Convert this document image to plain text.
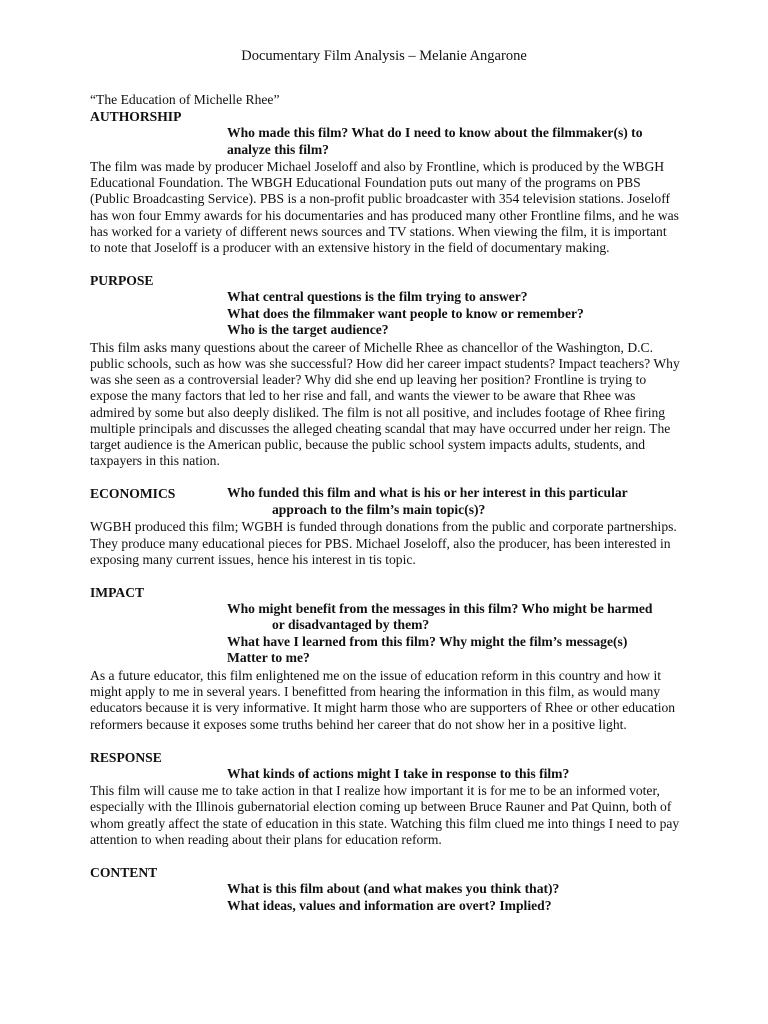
Documentary Film Analysis – Melanie Angarone
“The Education of Michelle Rhee”
AUTHORSHIP
Who made this film? What do I need to know about the filmmaker(s) to
analyze this film?
The film was made by producer Michael Joseloff and also by Frontline, which is produced by the WBGH Educational Foundation. The WBGH Educational Foundation puts out many of the programs on PBS (Public Broadcasting Service). PBS is a non-profit public broadcaster with 354 television stations. Joseloff has won four Emmy awards for his documentaries and has produced many other Frontline films, and he was has worked for a variety of different news sources and TV stations. When viewing the film, it is important to note that Joseloff is a producer with an extensive history in the field of documentary making.
PURPOSE
What central questions is the film trying to answer?
What does the filmmaker want people to know or remember?
Who is the target audience?
This film asks many questions about the career of Michelle Rhee as chancellor of the Washington, D.C. public schools, such as how was she successful? How did her career impact students? Impact teachers? Why was she seen as a controversial leader? Why did she end up leaving her position? Frontline is trying to expose the many factors that led to her rise and fall, and wants the viewer to be aware that Rhee was admired by some but also deeply disliked. The film is not all positive, and includes footage of Rhee firing multiple principals and discusses the alleged cheating scandal that may have occurred under her reign. The target audience is the American public, because the public school system impacts adults, students, and taxpayers in this nation.
ECONOMICS	Who funded this film and what is his or her interest in this particular
approach to the film’s main topic(s)?
WGBH produced this film; WGBH is funded through donations from the public and corporate partnerships. They produce many educational pieces for PBS. Michael Joseloff, also the producer, has been interested in exposing many current issues, hence his interest in tis topic.
IMPACT
Who might benefit from the messages in this film? Who might be harmed
or disadvantaged by them?
What have I learned from this film? Why might the film’s message(s)
Matter to me?
As a future educator, this film enlightened me on the issue of education reform in this country and how it might apply to me in several years. I benefitted from hearing the information in this film, as would many educators because it is very informative. It might harm those who are supporters of Rhee or other education reformers because it exposes some truths behind her career that do not show her in a positive light.
RESPONSE
What kinds of actions might I take in response to this film?
This film will cause me to take action in that I realize how important it is for me to be an informed voter, especially with the Illinois gubernatorial election coming up between Bruce Rauner and Pat Quinn, both of whom greatly affect the state of education in this state. Watching this film clued me into things I need to pay attention to when reading about their plans for education reform.
CONTENT
What is this film about (and what makes you think that)?
What ideas, values and information are overt? Implied?
